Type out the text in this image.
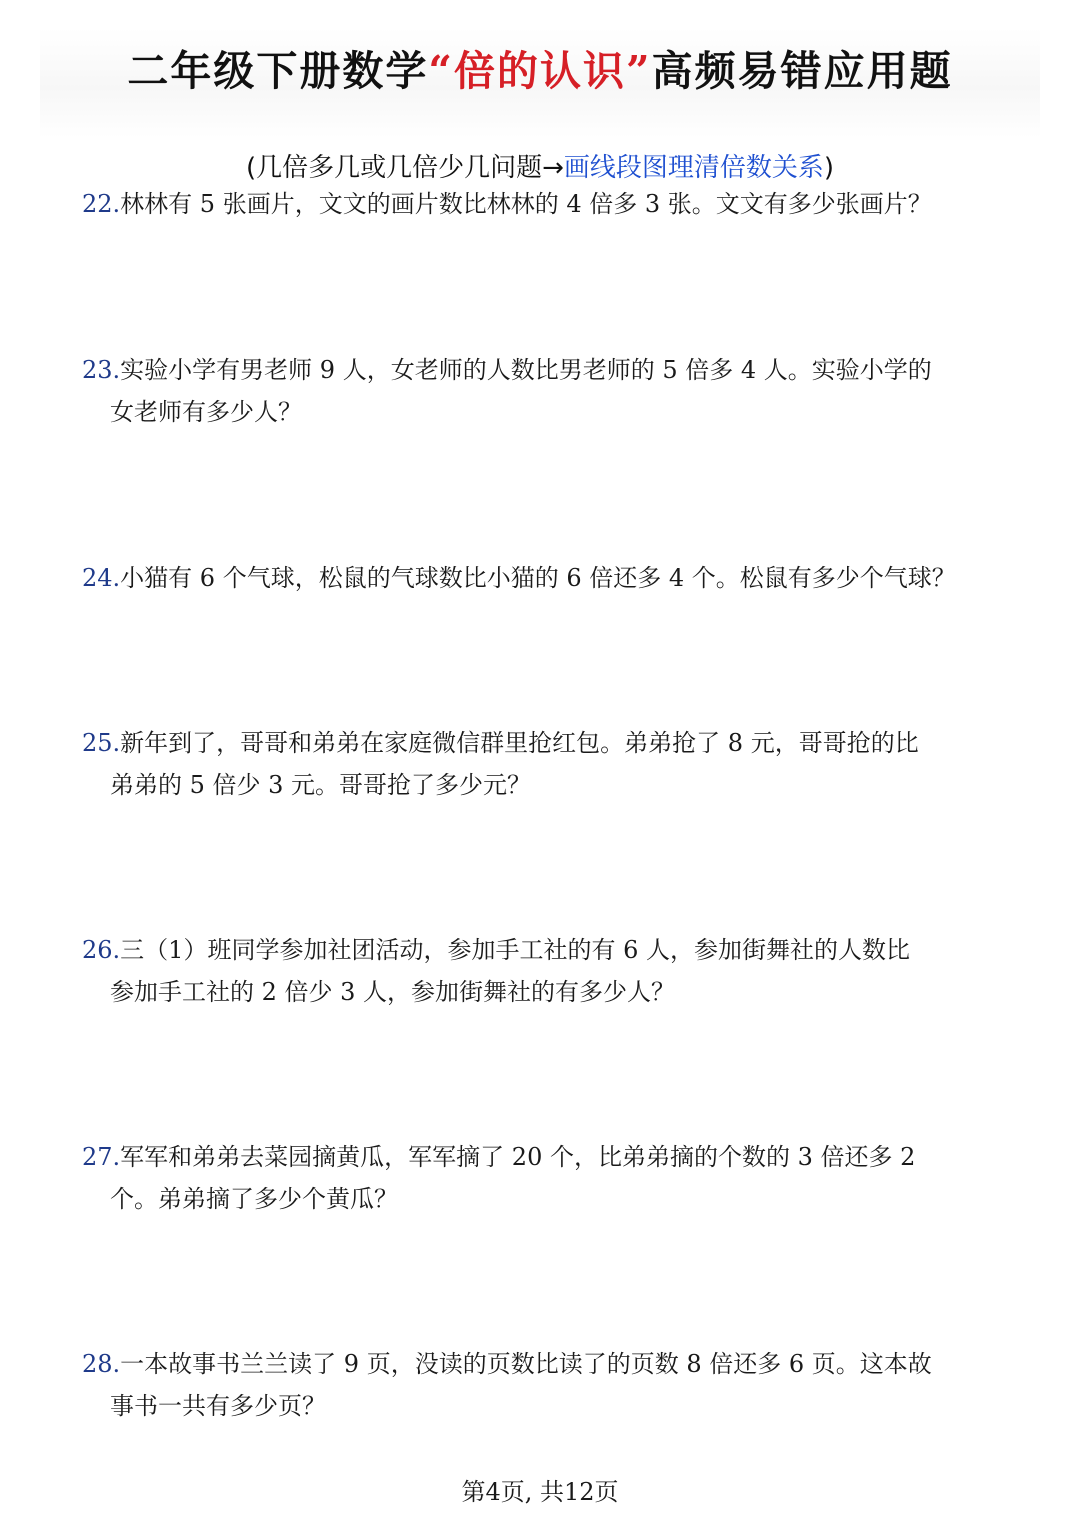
二年级下册数学“倍的认识”高频易错应用题
(几倍多几或几倍少几问题→画线段图理清倍数关系)
22.林林有 5 张画片，文文的画片数比林林的 4 倍多 3 张。文文有多少张画片？
23.实验小学有男老师 9 人，女老师的人数比男老师的 5 倍多 4 人。实验小学的
女老师有多少人？
24.小猫有 6 个气球，松鼠的气球数比小猫的 6 倍还多 4 个。松鼠有多少个气球？
25.新年到了，哥哥和弟弟在家庭微信群里抢红包。弟弟抢了 8 元，哥哥抢的比
弟弟的 5 倍少 3 元。哥哥抢了多少元？
26.三（1）班同学参加社团活动，参加手工社的有 6 人，参加街舞社的人数比
参加手工社的 2 倍少 3 人，参加街舞社的有多少人？
27.军军和弟弟去菜园摘黄瓜，军军摘了 20 个，比弟弟摘的个数的 3 倍还多 2
个。弟弟摘了多少个黄瓜？
28.一本故事书兰兰读了 9 页，没读的页数比读了的页数 8 倍还多 6 页。这本故
事书一共有多少页？
第4页, 共12页
